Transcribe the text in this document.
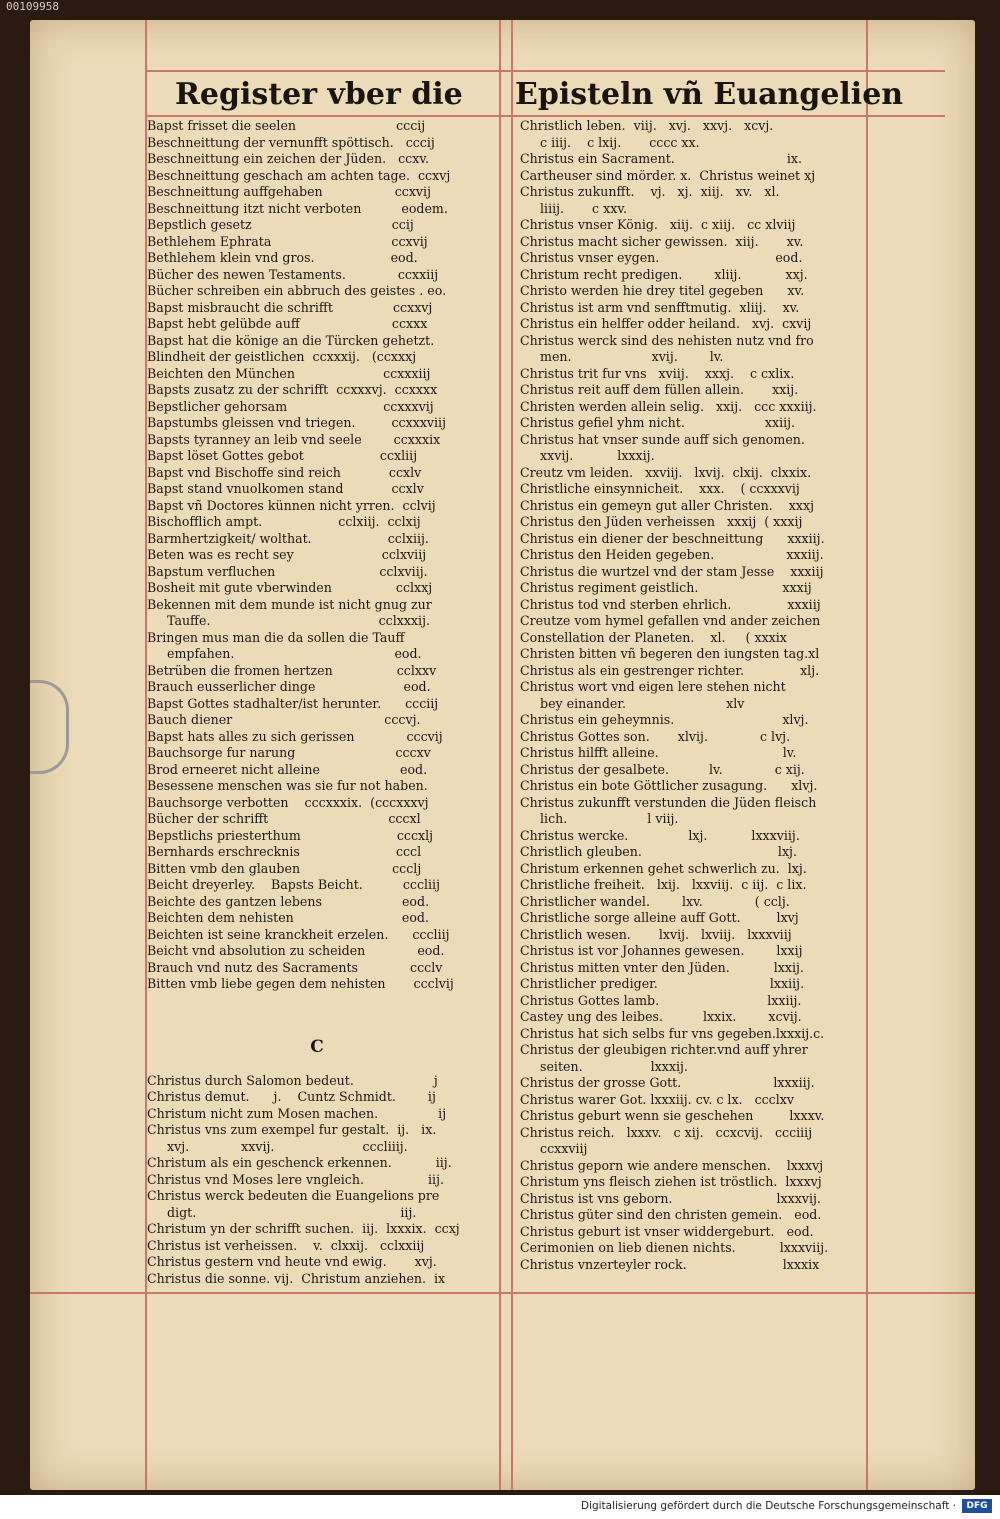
00109958
Register vber die Episteln vñ Euangelien
Bapst frisset die seelen                         cccij
Beschneittung der vernunfft spöttisch.   cccij
Beschneittung ein zeichen der Jüden.   ccxv.
Beschneittung geschach am achten tage.  ccxvj
Beschneittung auffgehaben                  ccxvij
Beschneittung itzt nicht verboten          eodem.
Bepstlich gesetz                                   ccij
Bethlehem Ephrata                              ccxvij
Bethlehem klein vnd gros.                   eod.
Bücher des newen Testaments.             ccxxiij
Bücher schreiben ein abbruch des geistes . eo.
Bapst misbraucht die schrifft               ccxxvj
Bapst hebt gelübde auff                       ccxxx
Bapst hat die könige an die Türcken gehetzt.
Blindheit der geistlichen  ccxxxij.   (ccxxxj
Beichten den München                      ccxxxiij
Bapsts zusatz zu der schrifft  ccxxxvj.  ccxxxx
Bepstlicher gehorsam                        ccxxxvij
Bapstumbs gleissen vnd triegen.         ccxxxviij
Bapsts tyranney an leib vnd seele        ccxxxix
Bapst löset Gottes gebot                   ccxliij
Bapst vnd Bischoffe sind reich            ccxlv
Bapst stand vnuolkomen stand            ccxlv
Bapst vñ Doctores künnen nicht yrren.  cclvij
Bischofflich ampt.                   cclxiij.  cclxij
Barmhertzigkeit/ wolthat.                   cclxiij.
Beten was es recht sey                      cclxviij
Bapstum verfluchen                          cclxviij.
Bosheit mit gute vberwinden                cclxxj
Bekennen mit dem munde ist nicht gnug zur
Tauffe.                                          cclxxxij.
Bringen mus man die da sollen die Tauff
empfahen.                                        eod.
Betrüben die fromen hertzen                cclxxv
Brauch eusserlicher dinge                      eod.
Bapst Gottes stadhalter/ist herunter.      ccciij
Bauch diener                                      cccvj.
Bapst hats alles zu sich gerissen             cccvij
Bauchsorge fur narung                         cccxv
Brod erneeret nicht alleine                    eod.
Besessene menschen was sie fur not haben.
Bauchsorge verbotten    cccxxxix.  (cccxxxvj
Bücher der schrifft                              cccxl
Bepstlichs priesterthum                        cccxlj
Bernhards erschrecknis                        cccl
Bitten vmb den glauben                       ccclj
Beicht dreyerley.    Bapsts Beicht.          cccliij
Beichte des gantzen lebens                    eod.
Beichten dem nehisten                           eod.
Beichten ist seine kranckheit erzelen.      cccliij
Beicht vnd absolution zu scheiden             eod.
Brauch vnd nutz des Sacraments             ccclv
Bitten vmb liebe gegen dem nehisten       ccclvij
C
Christus durch Salomon bedeut.                    j
Christus demut.      j.    Cuntz Schmidt.        ij
Christum nicht zum Mosen machen.               ij
Christus vns zum exempel fur gestalt.  ij.   ix.
xvj.             xxvij.                      cccliiij.
Christum als ein geschenck erkennen.           iij.
Christus vnd Moses lere vngleich.                iij.
Christus werck bedeuten die Euangelions pre
digt.                                                   iij.
Christum yn der schrifft suchen.  iij.  lxxxix.  ccxj
Christus ist verheissen.    v.  clxxij.   cclxxiij
Christus gestern vnd heute vnd ewig.       xvj.
Christus die sonne. vij.  Christum anziehen.  ix
Christlich leben.  viij.   xvj.   xxvj.   xcvj.
c iiij.    c lxij.       cccc xx.
Christus ein Sacrament.                            ix.
Cartheuser sind mörder. x.  Christus weinet xj
Christus zukunfft.    vj.   xj.  xiij.   xv.   xl.
liiij.       c xxv.
Christus vnser König.   xiij.  c xiij.   cc xlviij
Christus macht sicher gewissen.  xiij.       xv.
Christus vnser eygen.                             eod.
Christum recht predigen.        xliij.           xxj.
Christo werden hie drey titel gegeben      xv.
Christus ist arm vnd senfftmutig.  xliij.    xv.
Christus ein helffer odder heiland.   xvj.  cxvij
Christus werck sind des nehisten nutz vnd fro
men.                    xvij.        lv.
Christus trit fur vns   xviij.    xxxj.    c cxlix.
Christus reit auff dem füllen allein.       xxij.
Christen werden allein selig.   xxij.   ccc xxxiij.
Christus gefiel yhm nicht.                    xxiij.
Christus hat vnser sunde auff sich genomen.
xxvij.           lxxxij.
Creutz vm leiden.   xxviij.   lxvij.  clxij.  clxxix.
Christliche einsynnicheit.    xxx.    ( ccxxxvij
Christus ein gemeyn gut aller Christen.    xxxj
Christus den Jüden verheissen   xxxij  ( xxxij
Christus ein diener der beschneittung      xxxiij.
Christus den Heiden gegeben.                  xxxiij.
Christus die wurtzel vnd der stam Jesse    xxxiij
Christus regiment geistlich.                     xxxij
Christus tod vnd sterben ehrlich.              xxxiij
Creutze vom hymel gefallen vnd ander zeichen
Constellation der Planeten.    xl.     ( xxxix
Christen bitten vñ begeren den iungsten tag.xl
Christus als ein gestrenger richter.              xlj.
Christus wort vnd eigen lere stehen nicht
bey einander.                         xlv
Christus ein geheymnis.                           xlvj.
Christus Gottes son.       xlvij.             c lvj.
Christus hilfft alleine.                               lv.
Christus der gesalbete.          lv.             c xij.
Christus ein bote Göttlicher zusagung.      xlvj.
Christus zukunfft verstunden die Jüden fleisch
lich.                    l viij.
Christus wercke.               lxj.           lxxxviij.
Christlich gleuben.                                  lxj.
Christum erkennen gehet schwerlich zu.  lxj.
Christliche freiheit.   lxij.   lxxviij.  c iij.  c lix.
Christlicher wandel.        lxv.             ( cclj.
Christliche sorge alleine auff Gott.         lxvj
Christlich wesen.       lxvij.   lxviij.   lxxxviij
Christus ist vor Johannes gewesen.        lxxij
Christus mitten vnter den Jüden.           lxxij.
Christlicher prediger.                            lxxiij.
Christus Gottes lamb.                           lxxiij.
Castey ung des leibes.          lxxix.        xcvij.
Christus hat sich selbs fur vns gegeben.lxxxij.c.
Christus der gleubigen richter.vnd auff yhrer
seiten.                 lxxxij.
Christus der grosse Gott.                       lxxxiij.
Christus warer Got. lxxxiij. cv. c lx.   ccclxv
Christus geburt wenn sie geschehen         lxxxv.
Christus reich.   lxxxv.   c xij.   ccxcvij.   ccciiij
ccxxviij
Christus geporn wie andere menschen.    lxxxvj
Christum yns fleisch ziehen ist tröstlich.  lxxxvj
Christus ist vns geborn.                          lxxxvij.
Christus güter sind den christen gemein.   eod.
Christus geburt ist vnser widdergeburt.   eod.
Cerimonien on lieb dienen nichts.           lxxxviij.
Christus vnzerteyler rock.                        lxxxix
Digitalisierung gefördert durch die Deutsche Forschungsgemeinschaft ·	DFG
